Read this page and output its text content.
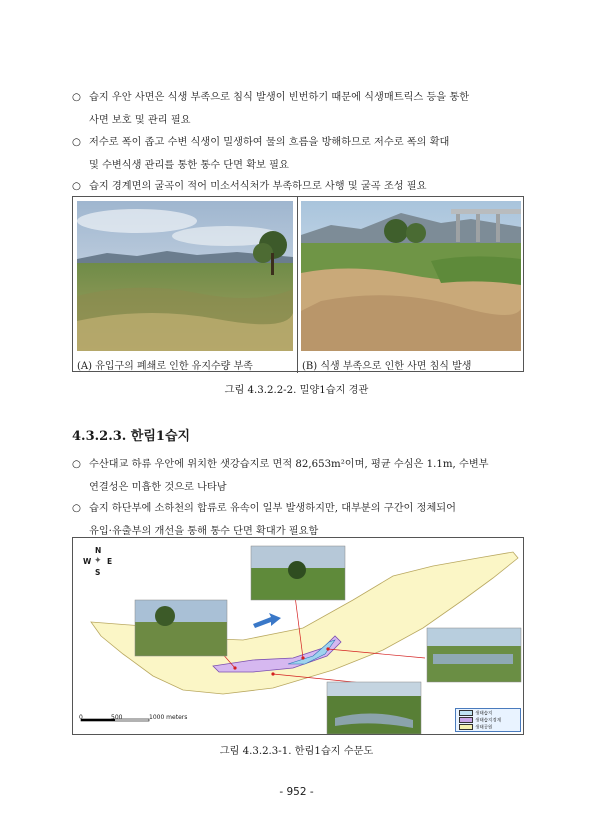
○ 습지 우안 사면은 식생 부족으로 침식 발생이 빈번하기 때문에 식생매트릭스 등을 통한
사면 보호 및 관리 필요
○ 저수로 폭이 좁고 수변 식생이 밀생하여 물의 흐름을 방해하므로 저수로 폭의 확대
및 수변식생 관리를 통한 통수 단면 확보 필요
○ 습지 경계면의 굴곡이 적어 미소서식처가 부족하므로 사행 및 굴곡 조성 필요
(A) 유입구의 폐쇄로 인한 유지수량 부족	(B) 식생 부족으로 인한 사면 침식 발생
그림 4.3.2.2-2. 밀양1습지 경관
4.3.2.3. 한림1습지
○ 수산대교 하류 우안에 위치한 샛강습지로 면적 82,653m²이며, 평균 수심은 1.1m, 수변부
연결성은 미흡한 것으로 나타남
○ 습지 하단부에 소하천의 합류로 유속이 일부 발생하지만, 대부분의 구간이 정체되어
유입·유출부의 개선을 통해 통수 단면 확대가 필요함
N
W E
S
✦
0	500	1000 meters	생태습지
생태습지경계
생태공원
그림 4.3.2.3-1. 한림1습지 수문도
- 952 -
